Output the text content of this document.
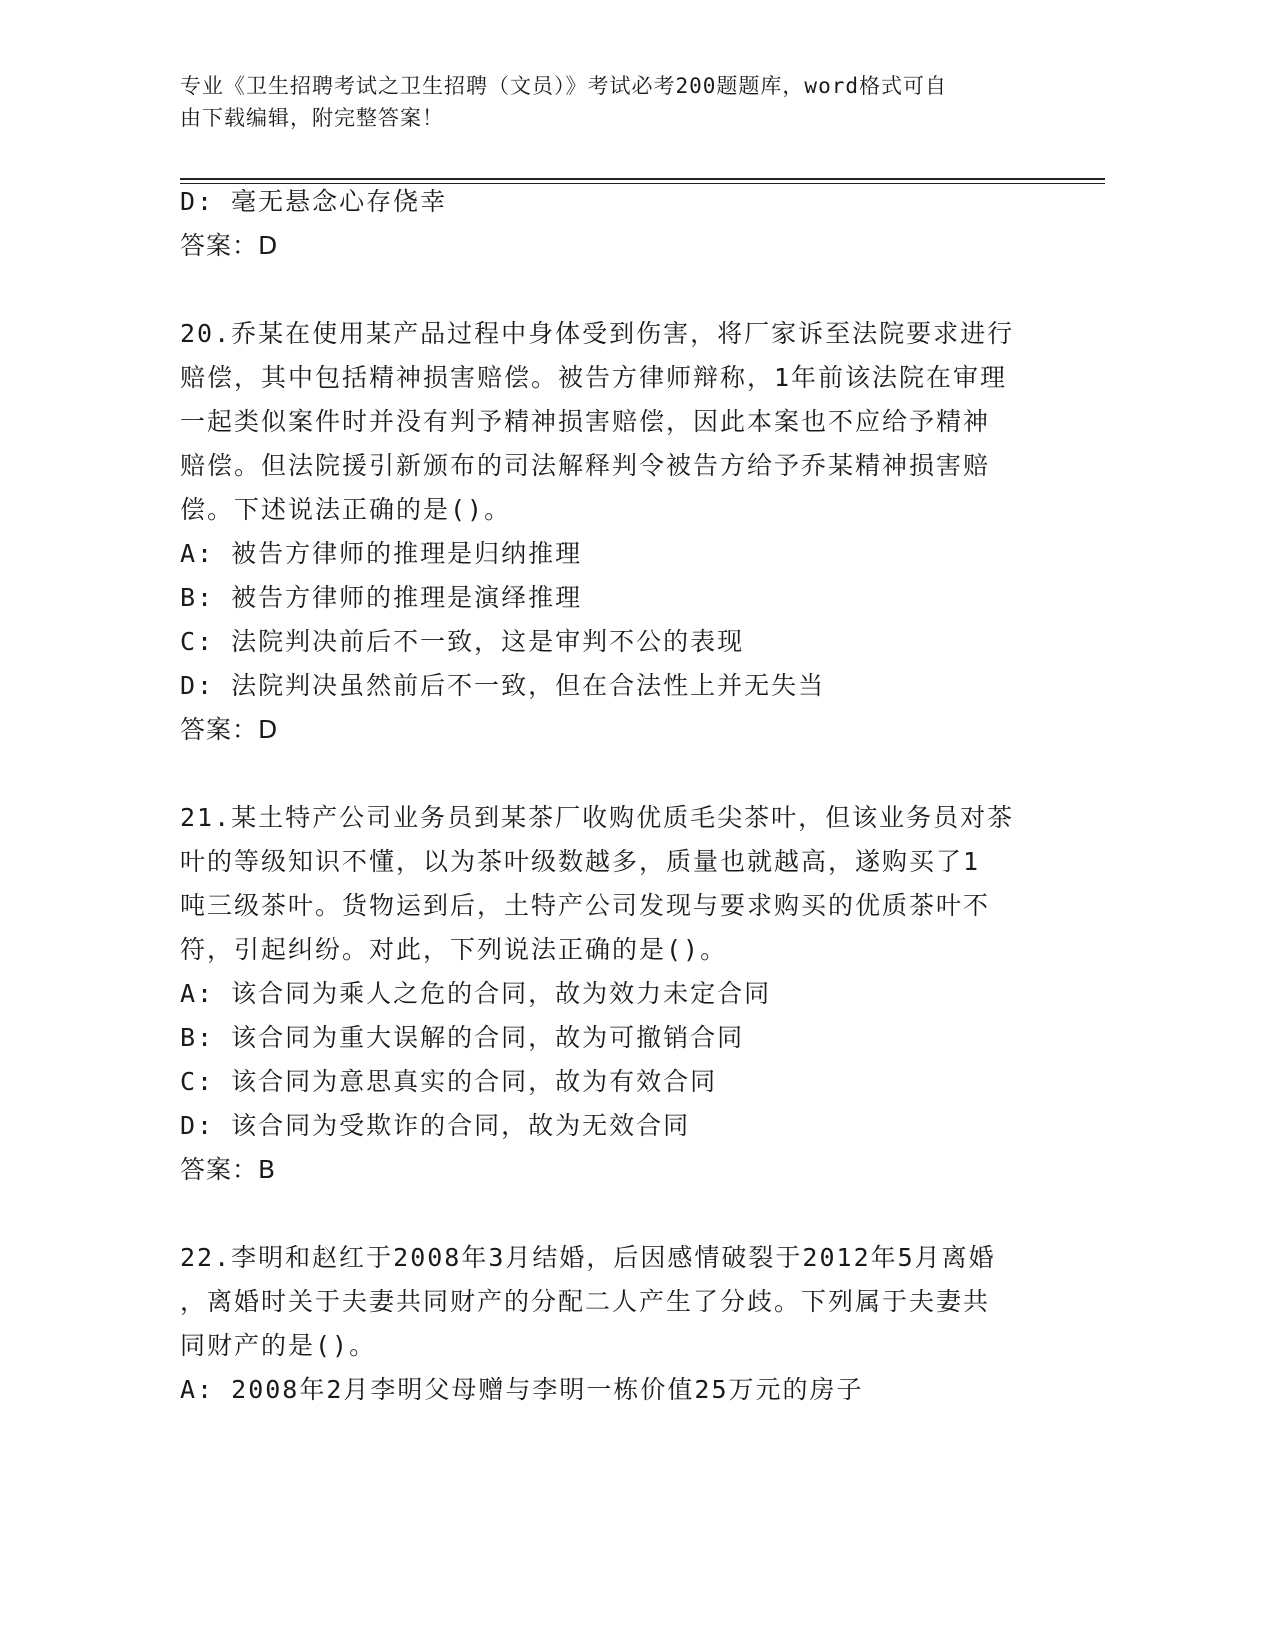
专业《卫生招聘考试之卫生招聘（文员）》考试必考200题题库，word格式可自
由下载编辑，附完整答案！
D: 毫无悬念心存侥幸
答案：D
20.乔某在使用某产品过程中身体受到伤害，将厂家诉至法院要求进行
赔偿，其中包括精神损害赔偿。被告方律师辩称，1年前该法院在审理
一起类似案件时并没有判予精神损害赔偿，因此本案也不应给予精神
赔偿。但法院援引新颁布的司法解释判令被告方给予乔某精神损害赔
偿。下述说法正确的是()。
A: 被告方律师的推理是归纳推理
B: 被告方律师的推理是演绎推理
C: 法院判决前后不一致，这是审判不公的表现
D: 法院判决虽然前后不一致，但在合法性上并无失当
答案：D
21.某土特产公司业务员到某茶厂收购优质毛尖茶叶，但该业务员对茶
叶的等级知识不懂，以为茶叶级数越多，质量也就越高，遂购买了1
吨三级茶叶。货物运到后，土特产公司发现与要求购买的优质茶叶不
符，引起纠纷。对此，下列说法正确的是()。
A: 该合同为乘人之危的合同，故为效力未定合同
B: 该合同为重大误解的合同，故为可撤销合同
C: 该合同为意思真实的合同，故为有效合同
D: 该合同为受欺诈的合同，故为无效合同
答案：B
22.李明和赵红于2008年3月结婚，后因感情破裂于2012年5月离婚
，离婚时关于夫妻共同财产的分配二人产生了分歧。下列属于夫妻共
同财产的是()。
A: 2008年2月李明父母赠与李明一栋价值25万元的房子
